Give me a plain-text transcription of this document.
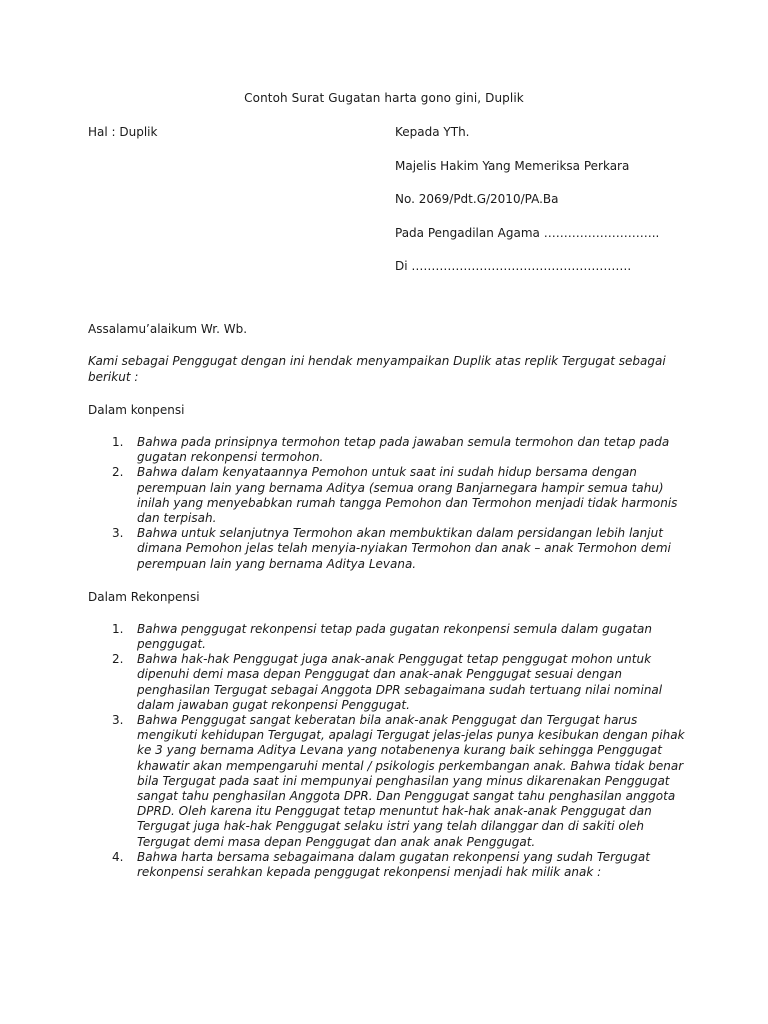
Contoh Surat Gugatan harta gono gini, Duplik
Hal : Duplik	Kepada YTh.
Majelis Hakim Yang Memeriksa Perkara
No. 2069/Pdt.G/2010/PA.Ba
Pada Pengadilan Agama ………………………..
Di ……………………………………………….

Assalamu’alaikum Wr. Wb.

Kami sebagai Penggugat dengan ini hendak menyampaikan Duplik atas replik Tergugat sebagai berikut :

Dalam konpensi

1. Bahwa pada prinsipnya termohon tetap pada jawaban semula termohon dan tetap pada gugatan rekonpensi termohon.
2. Bahwa dalam kenyataannya Pemohon untuk saat ini sudah hidup bersama dengan perempuan lain yang bernama Aditya (semua orang Banjarnegara hampir semua tahu) inilah yang menyebabkan rumah tangga Pemohon dan Termohon menjadi tidak harmonis dan terpisah.
3. Bahwa untuk selanjutnya Termohon akan membuktikan dalam persidangan lebih lanjut dimana Pemohon jelas telah menyia-nyiakan Termohon dan anak – anak Termohon demi perempuan lain yang bernama Aditya Levana.

Dalam Rekonpensi

1. Bahwa penggugat rekonpensi tetap pada gugatan rekonpensi semula dalam gugatan penggugat.
2. Bahwa hak-hak Penggugat juga anak-anak Penggugat tetap penggugat mohon untuk dipenuhi demi masa depan Penggugat dan anak-anak Penggugat sesuai dengan penghasilan Tergugat sebagai Anggota DPR sebagaimana sudah tertuang nilai nominal dalam jawaban gugat rekonpensi Penggugat.
3. Bahwa Penggugat sangat keberatan bila anak-anak Penggugat dan Tergugat harus mengikuti kehidupan Tergugat, apalagi Tergugat jelas-jelas punya kesibukan dengan pihak ke 3 yang bernama Aditya Levana yang notabenenya kurang baik sehingga Penggugat khawatir akan mempengaruhi mental / psikologis perkembangan anak. Bahwa tidak benar bila Tergugat pada saat ini mempunyai penghasilan yang minus dikarenakan Penggugat sangat tahu penghasilan Anggota DPR. Dan Penggugat sangat tahu penghasilan anggota DPRD. Oleh karena itu Penggugat tetap menuntut hak-hak anak-anak Penggugat dan Tergugat juga hak-hak Penggugat selaku istri yang telah dilanggar dan di sakiti oleh Tergugat demi masa depan Penggugat dan anak anak Penggugat.
4. Bahwa harta bersama sebagaimana dalam gugatan rekonpensi yang sudah Tergugat rekonpensi serahkan kepada penggugat rekonpensi menjadi hak milik anak :
